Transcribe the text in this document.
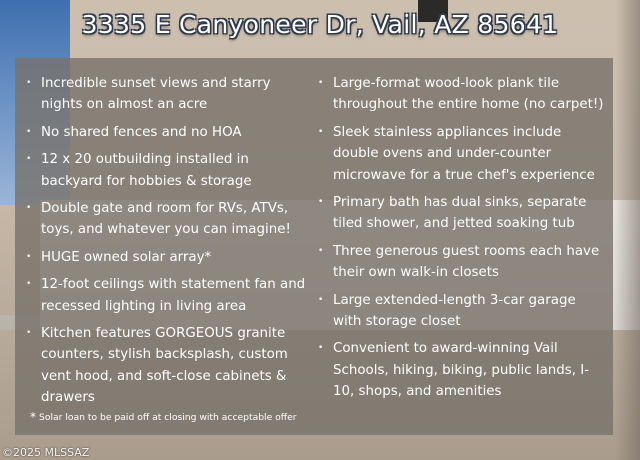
3335 E Canyoneer Dr, Vail, AZ 85641
• Incredible sunset views and starry nights on almost an acre
• No shared fences and no HOA
• 12 x 20 outbuilding installed in backyard for hobbies & storage
• Double gate and room for RVs, ATVs, toys, and whatever you can imagine!
• HUGE owned solar array*
• 12-foot ceilings with statement fan and recessed lighting in living area
• Kitchen features GORGEOUS granite counters, stylish backsplash, custom vent hood, and soft-close cabinets & drawers
• Large-format wood-look plank tile throughout the entire home (no carpet!)
• Sleek stainless appliances include double ovens and under-counter microwave for a true chef's experience
• Primary bath has dual sinks, separate tiled shower, and jetted soaking tub
• Three generous guest rooms each have their own walk-in closets
• Large extended-length 3-car garage with storage closet
• Convenient to award-winning Vail Schools, hiking, biking, public lands, I-10, shops, and amenities
* Solar loan to be paid off at closing with acceptable offer
©2025 MLSSAZ
